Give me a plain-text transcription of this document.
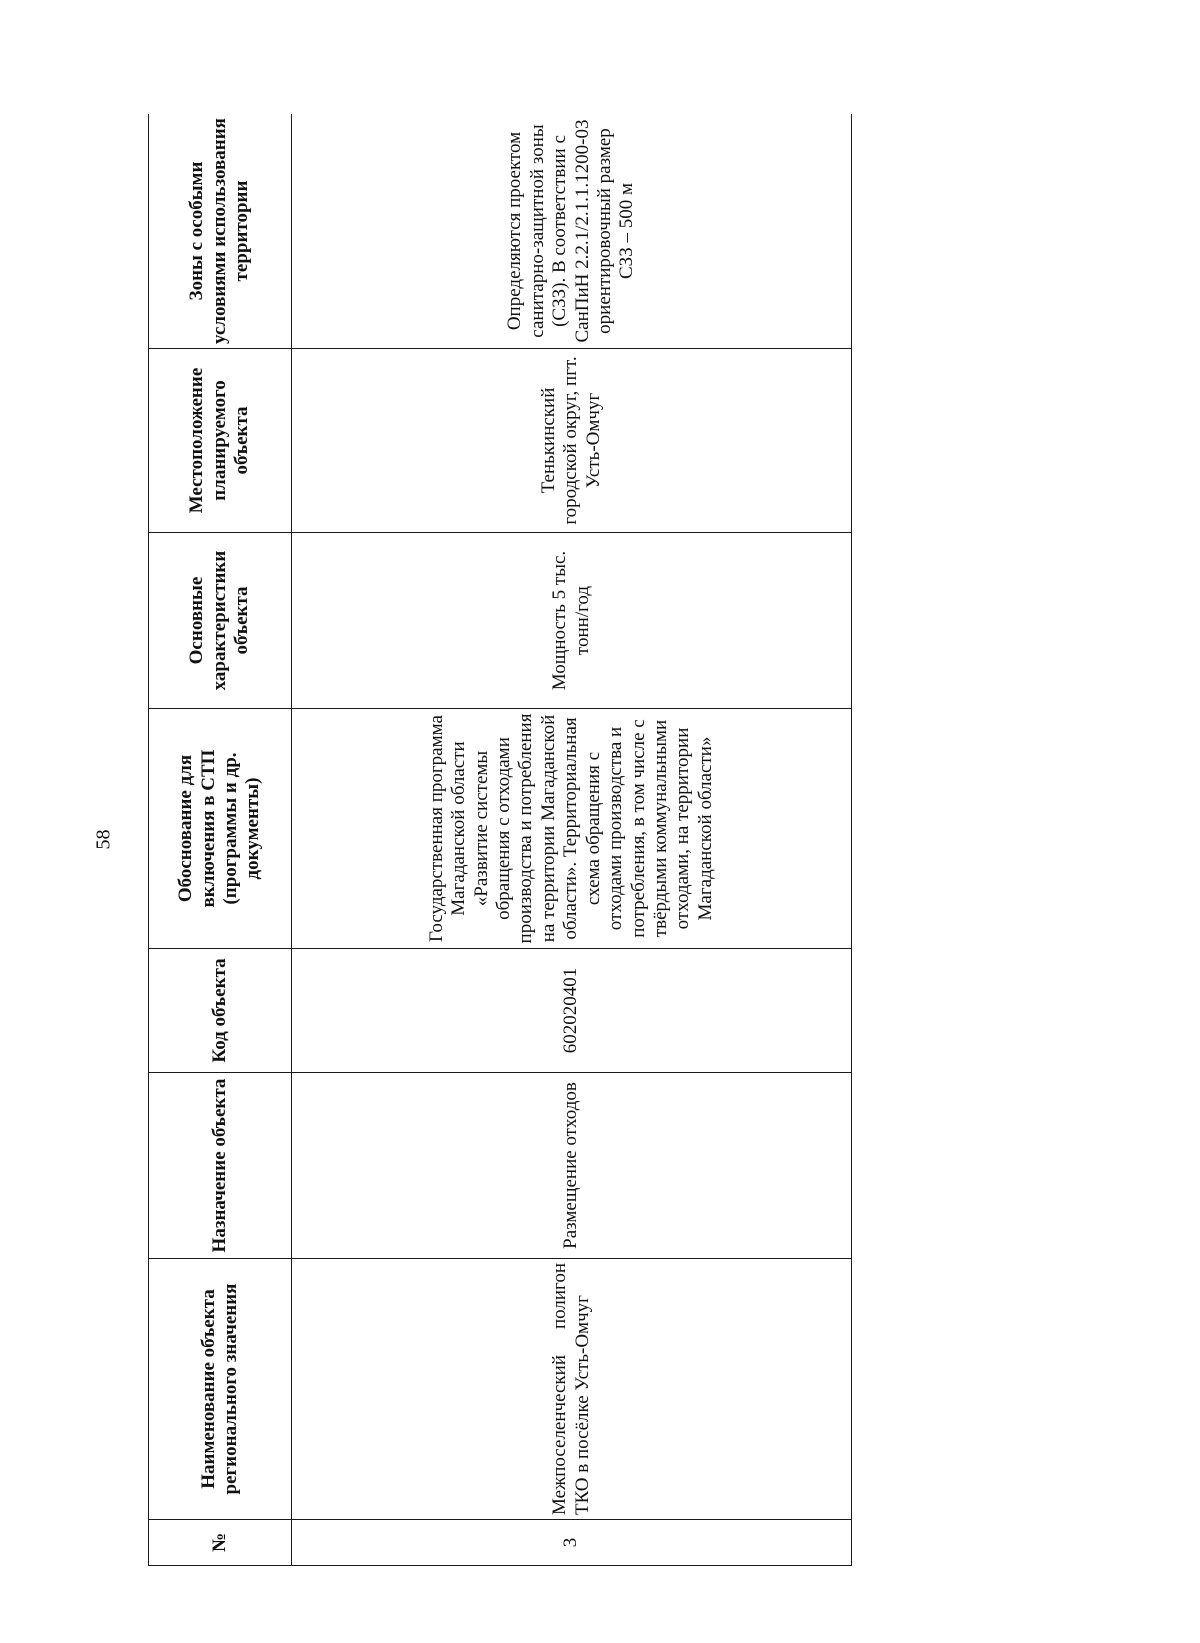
58
№	Наименование объекта регионального значения	Назначение объекта	Код объекта	Обоснование для включения в СТП (программы и др. документы)	Основные характеристики объекта	Местоположение планируемого объекта	Зоны с особыми условиями использования территории
3	Межпоселенческий полигон ТКО в посёлке Усть-Омчуг	Размещение отходов	602020401	Государственная программа Магаданской области «Развитие системы обращения с отходами производства и потребления на территории Магаданской области». Территориальная схема обращения с отходами производства и потребления, в том числе с твёрдыми коммунальными отходами, на территории Магаданской области»	Мощность 5 тыс. тонн/год	Тенькинский городской округ, пгт. Усть-Омчуг	Определяются проектом санитарно-защитной зоны (СЗЗ). В соответствии с СанПиН 2.2.1/2.1.1.1200-03 ориентировочный размер СЗЗ – 500 м
